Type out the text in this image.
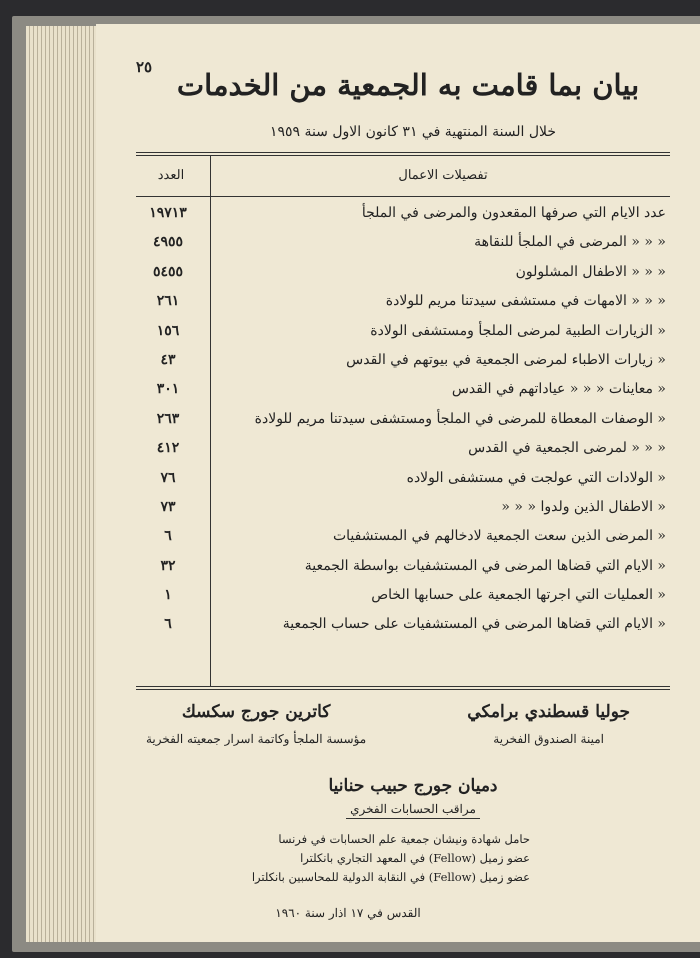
٢٥
بيان بما قامت به الجمعية من الخدمات
خلال السنة المنتهية في ٣١ كانون الاول سنة ١٩٥٩
تفصيلات الاعمال
العدد
عدد الايام التي صرفها المقعدون والمرضى في الملجأ
١٩٧١٣
« « « المرضى في الملجأ للنقاهة
٤٩٥٥
« « « الاطفال المشلولون
٥٤٥٥
« « « الامهات في مستشفى سيدتنا مريم للولادة
٢٦١
« الزيارات الطبية لمرضى الملجأ ومستشفى الولادة
١٥٦
« زيارات الاطباء لمرضى الجمعية في بيوتهم في القدس
٤٣
« معاينات « « « عياداتهم في القدس
٣٠١
« الوصفات المعطاة للمرضى في الملجأ ومستشفى سيدتنا مريم للولادة
٢٦٣
« « « لمرضى الجمعية في القدس
٤١٢
« الولادات التي عولجت في مستشفى الولاده
٧٦
« الاطفال الذين ولدوا « « «
٧٣
« المرضى الذين سعت الجمعية لادخالهم في المستشفيات
٦
« الايام التي قضاها المرضى في المستشفيات بواسطة الجمعية
٣٢
« العمليات التي اجرتها الجمعية على حسابها الخاص
١
« الايام التي قضاها المرضى في المستشفيات على حساب الجمعية
٦
جوليا قسطندي برامكي
امينة الصندوق الفخرية
كاترين جورج سكسك
مؤسسة الملجأ وكاتمة اسرار جمعيته الفخرية
دميان جورج حبيب حنانيا
مراقب الحسابات الفخري
حامل شهادة ونيشان جمعية علم الحسابات في فرنسا
عضو زميل (Fellow) في المعهد التجاري بانكلترا
عضو زميل (Fellow) في النقابة الدولية للمحاسبين بانكلترا
القدس في ١٧ اذار سنة ١٩٦٠
